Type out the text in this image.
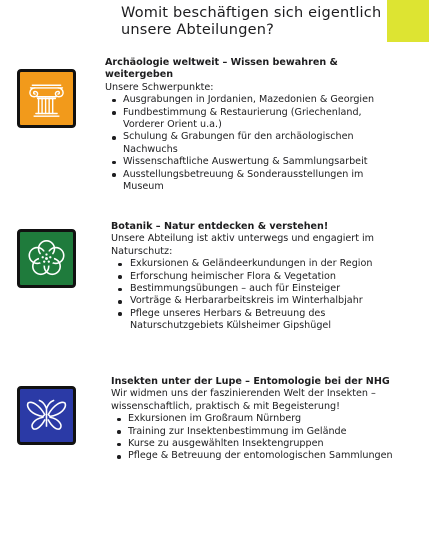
Womit beschäftigen sich eigentlich unsere Abteilungen?
Archäologie weltweit – Wissen bewahren & weitergeben
Unsere Schwerpunkte:
Ausgrabungen in Jordanien, Mazedonien & Georgien
Fundbestimmung & Restaurierung (Griechenland, Vorderer Orient u.a.)
Schulung & Grabungen für den archäologischen Nachwuchs
Wissenschaftliche Auswertung & Sammlungsarbeit
Ausstellungsbetreuung & Sonderausstellungen im Museum
Botanik – Natur entdecken & verstehen!
Unsere Abteilung ist aktiv unterwegs und engagiert im Naturschutz:
Exkursionen & Geländeerkundungen in der Region
Erforschung heimischer Flora & Vegetation
Bestimmungsübungen – auch für Einsteiger
Vorträge & Herbararbeitskreis im Winterhalbjahr
Pflege unseres Herbars & Betreuung des Naturschutzgebiets Külsheimer Gipshügel
Insekten unter der Lupe – Entomologie bei der NHG
Wir widmen uns der faszinierenden Welt der Insekten – wissenschaftlich, praktisch & mit Begeisterung!
Exkursionen im Großraum Nürnberg
Training zur Insektenbestimmung im Gelände
Kurse zu ausgewählten Insektengruppen
Pflege & Betreuung der entomologischen Sammlungen
